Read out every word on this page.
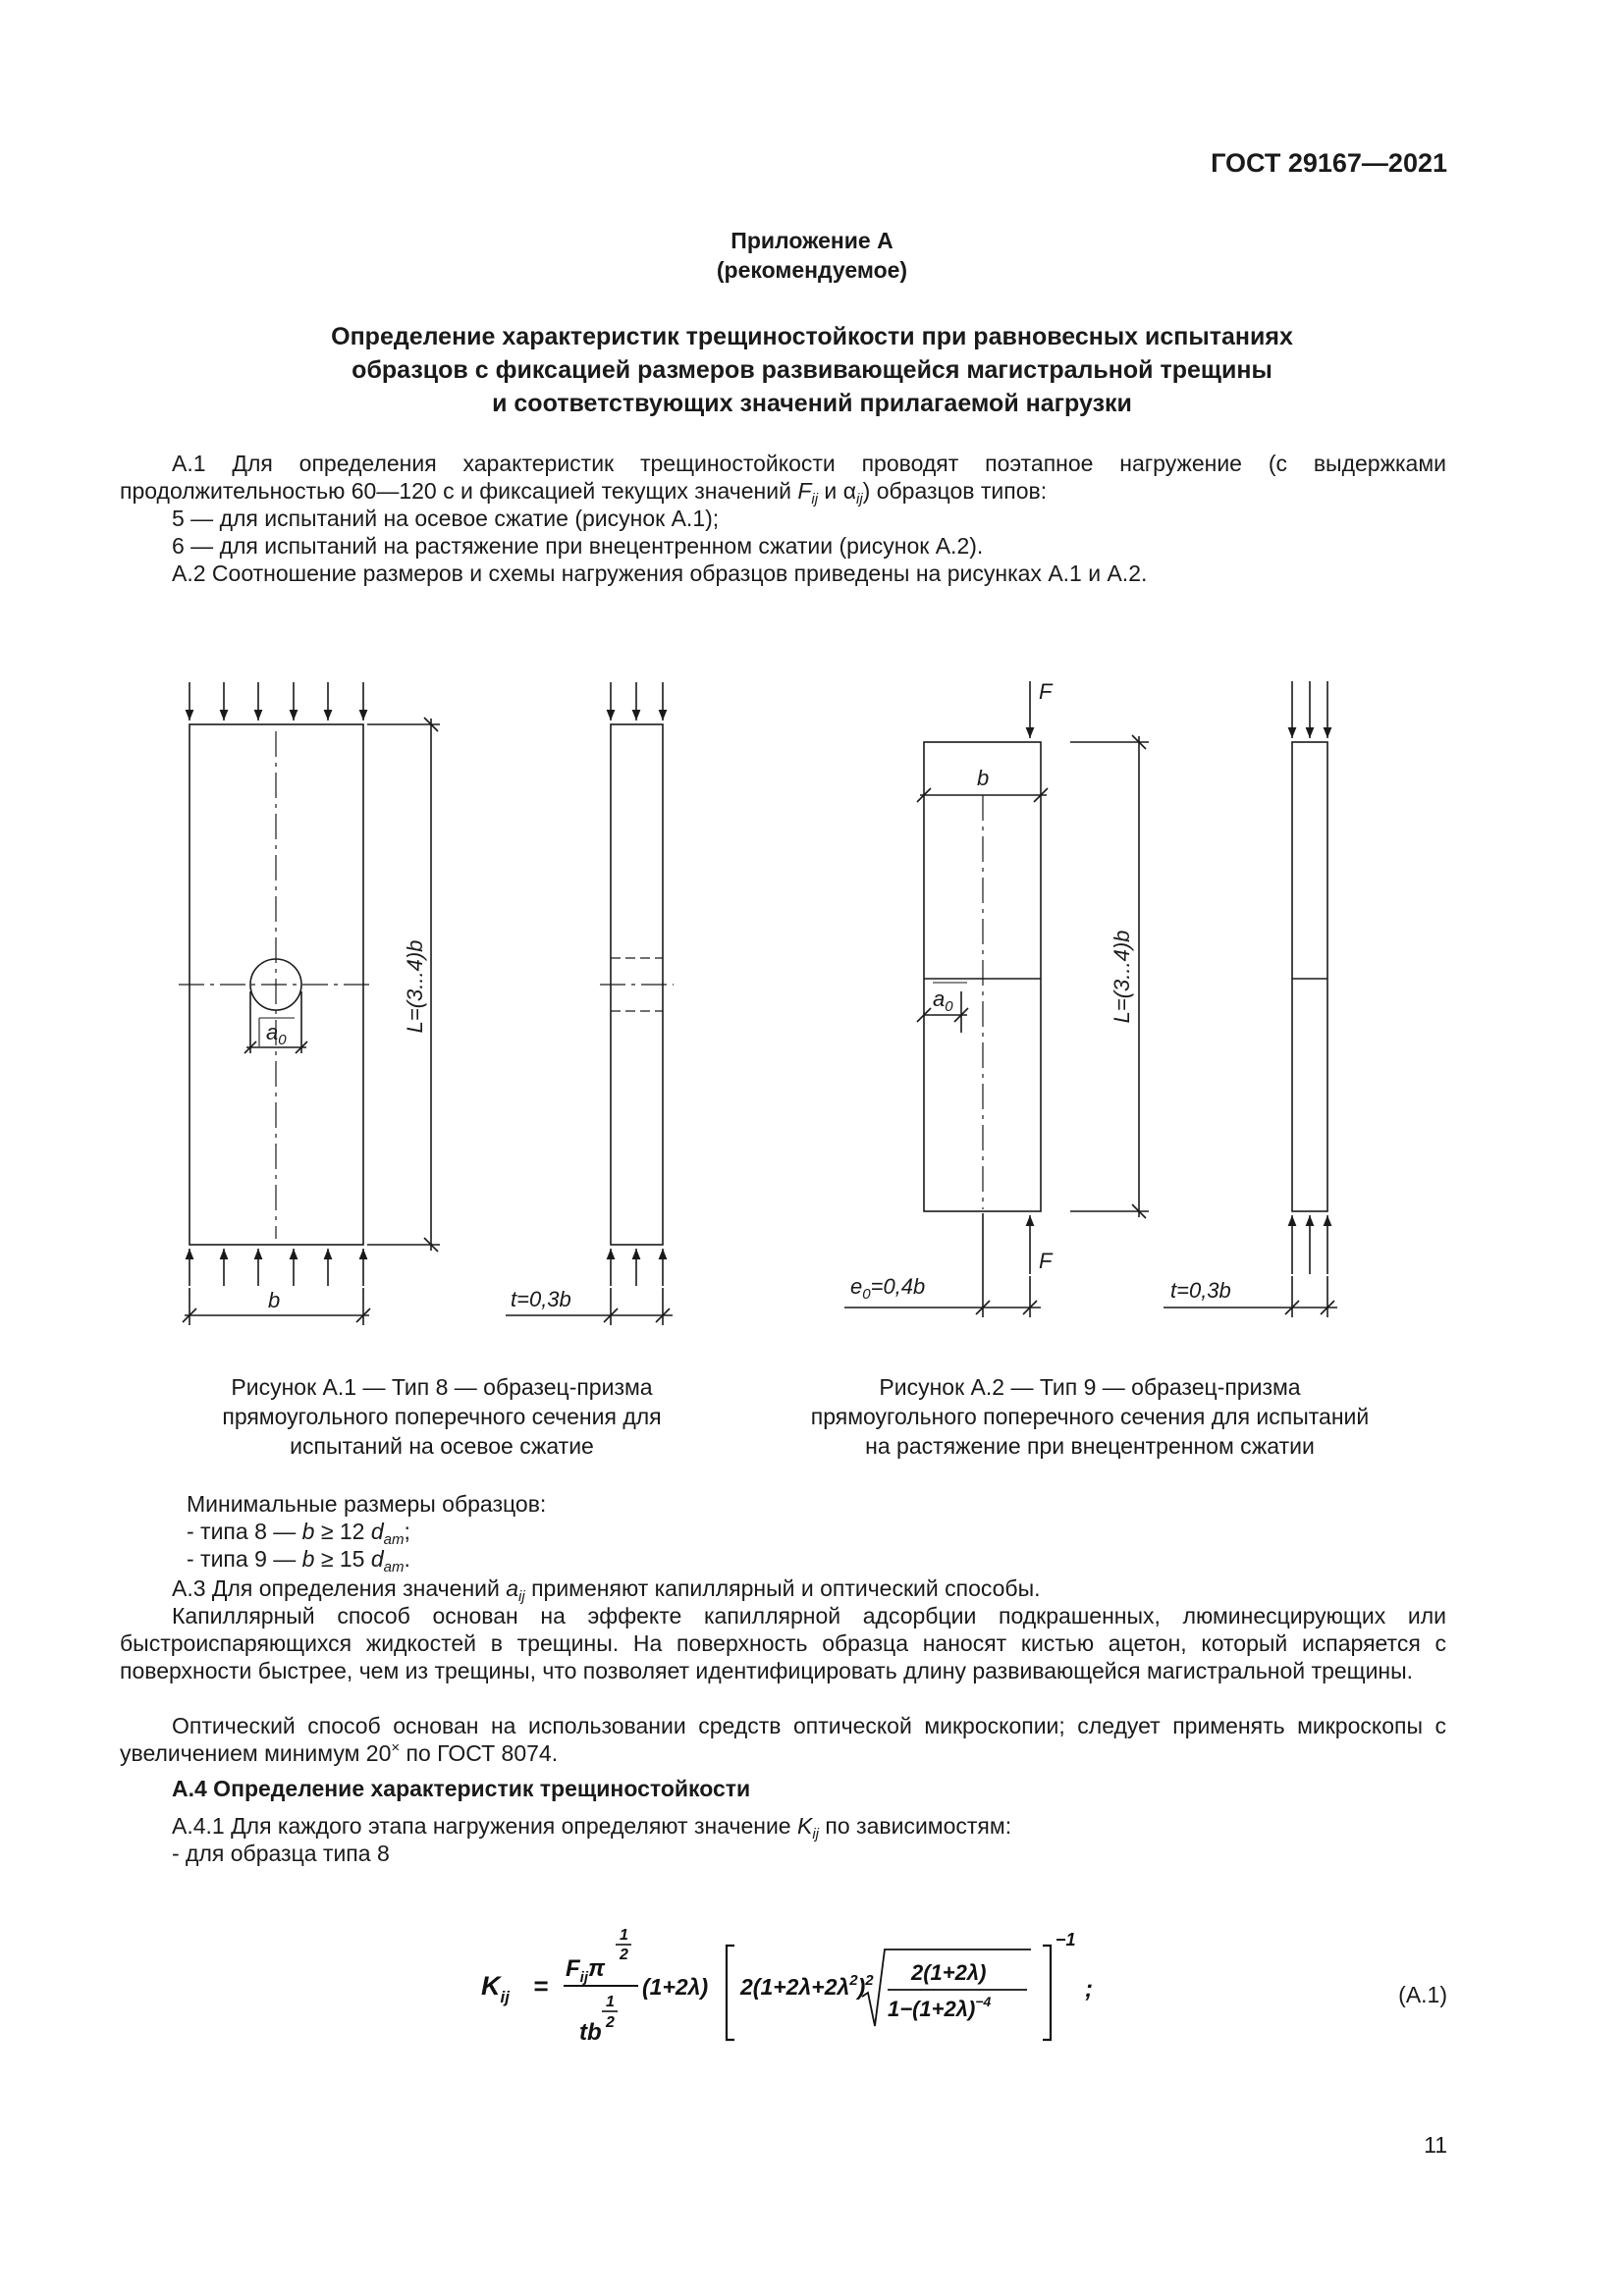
ГОСТ 29167—2021
Приложение А
(рекомендуемое)
Определение характеристик трещиностойкости при равновесных испытаниях
образцов с фиксацией размеров развивающейся магистральной трещины
и соответствующих значений прилагаемой нагрузки
А.1 Для определения характеристик трещиностойкости проводят поэтапное нагружение (с выдержками продолжительностью 60—120 с и фиксацией текущих значений $F_{ij}$ и $\alpha_{ij}$) образцов типов:
5 — для испытаний на осевое сжатие (рисунок А.1);
6 — для испытаний на растяжение при внецентренном сжатии (рисунок А.2).
А.2 Соотношение размеров и схемы нагружения образцов приведены на рисунках А.1 и А.2.
b
L=(3...4)b
$a_0$
t=0,3b
F
F
b
L=(3...4)b
$a_0$
$e_0=0,4b$	t=0,3b
Рисунок А.1 — Тип 8 — образец-призма
прямоугольного поперечного сечения для
испытаний на осевое сжатие
Рисунок А.2 — Тип 9 — образец-призма
прямоугольного поперечного сечения для испытаний
на растяжение при внецентренном сжатии
Минимальные размеры образцов:
- типа 8 — b ≥ 12 $d_{am}$;
- типа 9 — b ≥ 15 $d_{am}$.
А.3 Для определения значений $a_{ij}$ применяют капиллярный и оптический способы.
Капиллярный способ основан на эффекте капиллярной адсорбции подкрашенных, люминесцирующих или быстроиспаряющихся жидкостей в трещины. На поверхность образца наносят кистью ацетон, который испаряется с поверхности быстрее, чем из трещины, что позволяет идентифицировать длину развивающейся магистральной трещины.
Оптический способ основан на использовании средств оптической микроскопии; следует применять микроскопы с увеличением минимум 20× по ГОСТ 8074.
А.4 Определение характеристик трещиностойкости
А.4.1 Для каждого этапа нагружения определяют значение $K_{ij}$ по зависимостям:
- для образца типа 8
$K_{ij}$ =
$F_{ij}\pi$
1
2
tb
1
2
(1+2λ) $2(1+2\lambda+2\lambda^2)^2$ 2(1+2λ)
$1-(1+2\lambda)^{-4}$
−1
;	(А.1)
11
